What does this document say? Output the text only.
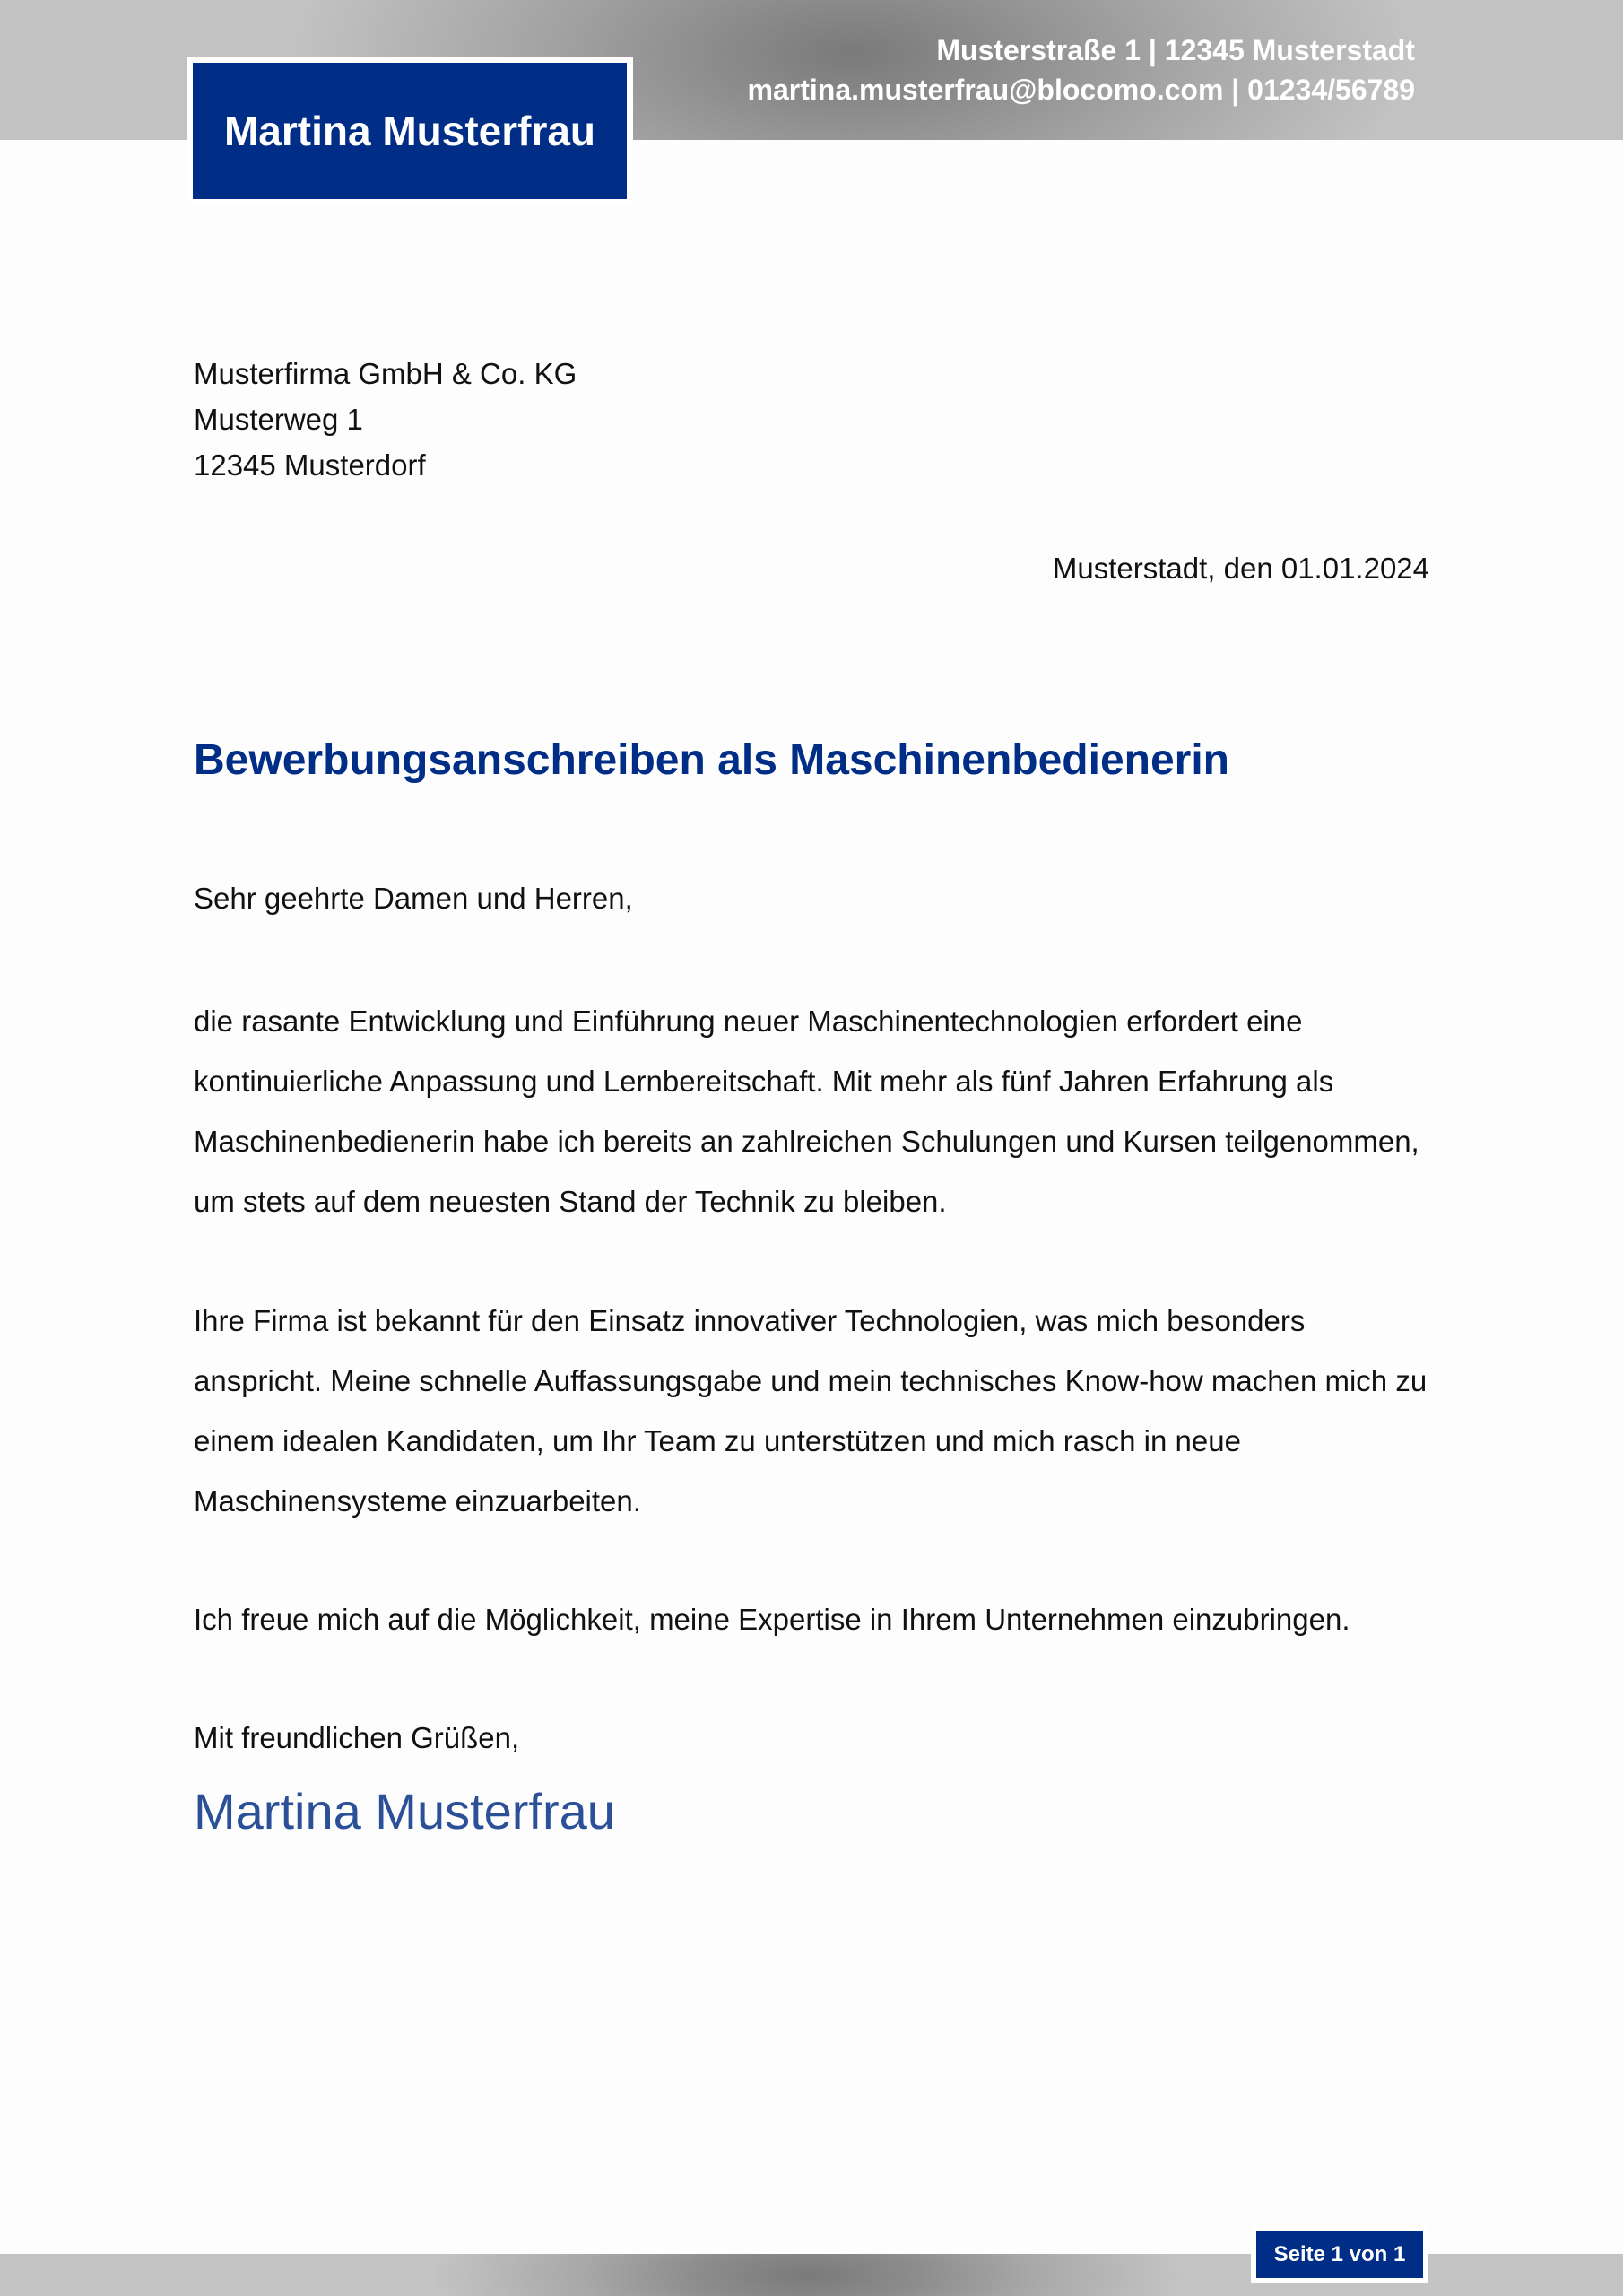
Musterstraße 1 | 12345 Musterstadt
martina.musterfrau@blocomo.com | 01234/56789
Martina Musterfrau
Musterfirma GmbH & Co. KG
Musterweg 1
12345 Musterdorf
Musterstadt, den 01.01.2024
Bewerbungsanschreiben als Maschinenbedienerin
Sehr geehrte Damen und Herren,

die rasante Entwicklung und Einführung neuer Maschinentechnologien erfordert eine kontinuierliche Anpassung und Lernbereitschaft. Mit mehr als fünf Jahren Erfahrung als Maschinenbedienerin habe ich bereits an zahlreichen Schulungen und Kursen teilgenommen, um stets auf dem neuesten Stand der Technik zu bleiben.

Ihre Firma ist bekannt für den Einsatz innovativer Technologien, was mich besonders anspricht. Meine schnelle Auffassungsgabe und mein technisches Know-how machen mich zu einem idealen Kandidaten, um Ihr Team zu unterstützen und mich rasch in neue Maschinensysteme einzuarbeiten.

Ich freue mich auf die Möglichkeit, meine Expertise in Ihrem Unternehmen einzubringen.

Mit freundlichen Grüßen,
Martina Musterfrau
Seite 1 von 1
